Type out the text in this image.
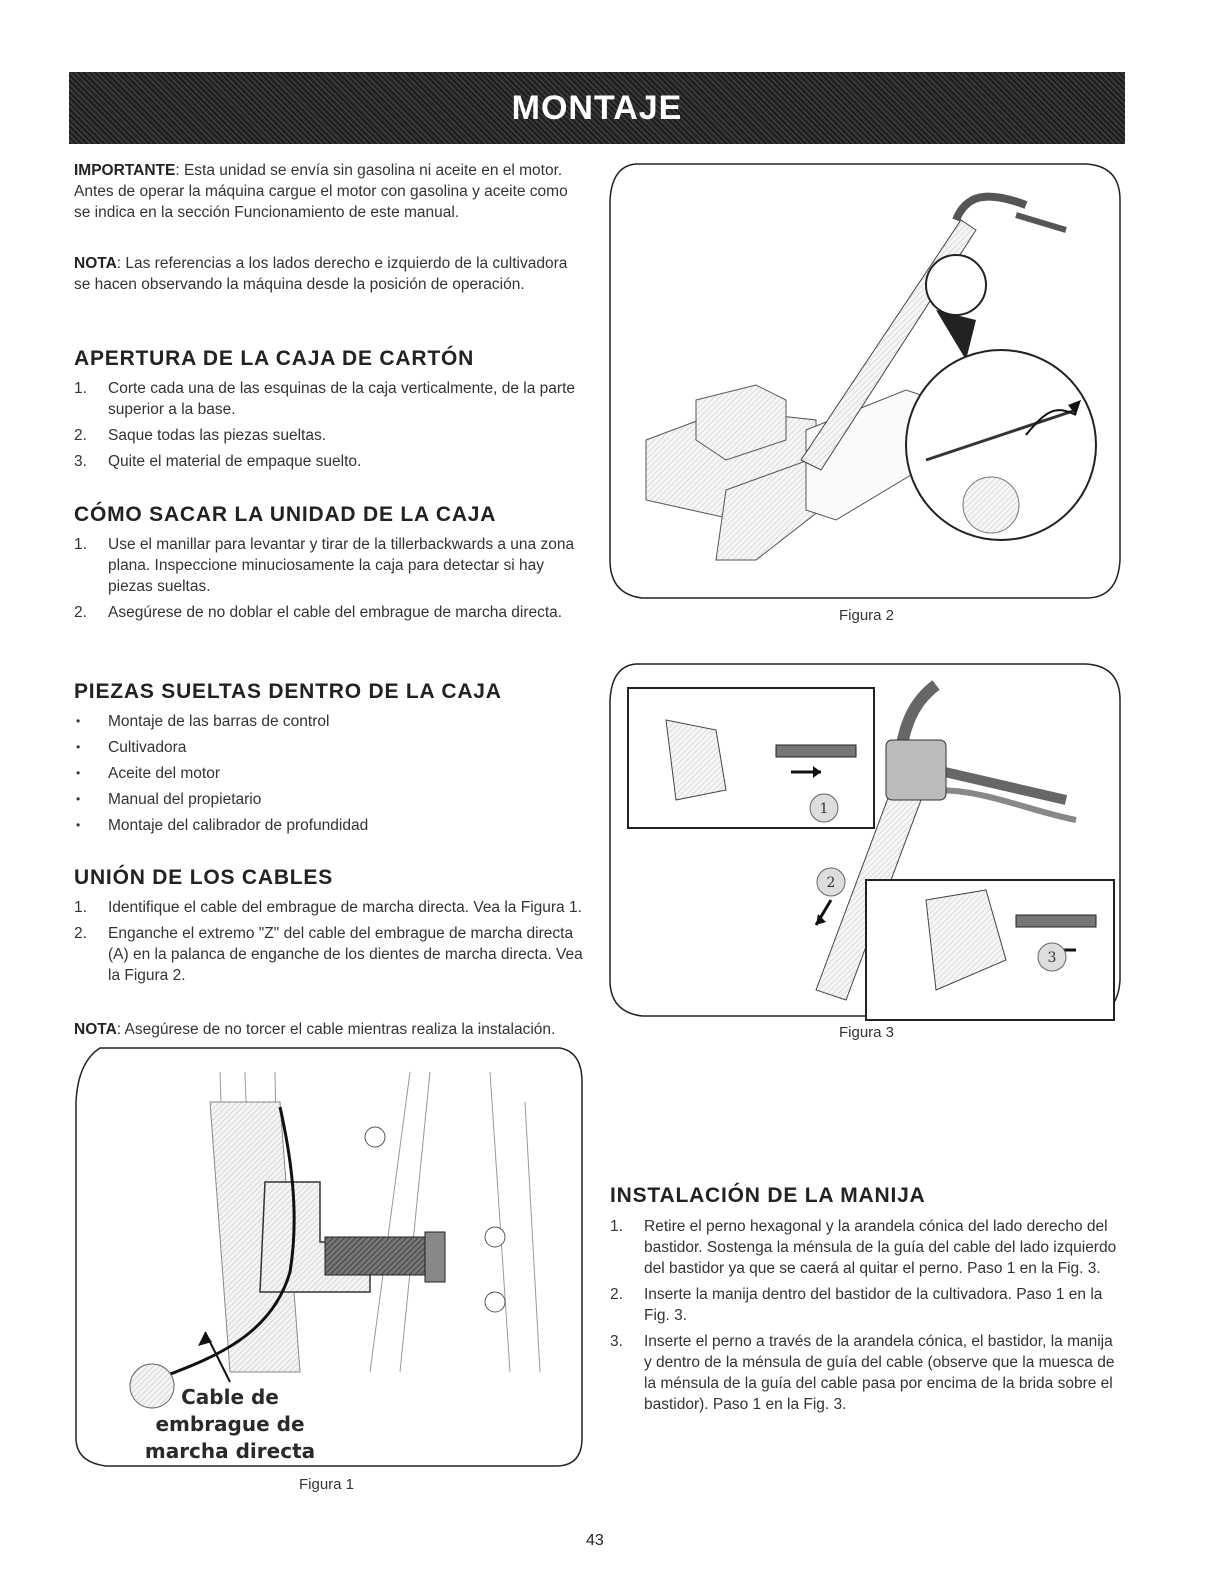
MONTAJE

IMPORTANTE: Esta unidad se envía sin gasolina ni aceite en el motor. Antes de operar la máquina cargue el motor con gasolina y aceite como se indica en la sección Funcionamiento de este manual.

NOTA: Las referencias a los lados derecho e izquierdo de la cultivadora se hacen observando la máquina desde la posición de operación.

APERTURA DE LA CAJA DE CARTÓN
1. Corte cada una de las esquinas de la caja verticalmente, de la parte superior a la base.
2. Saque todas las piezas sueltas.
3. Quite el material de empaque suelto.
CÓMO SACAR LA UNIDAD DE LA CAJA
1. Use el manillar para levantar y tirar de la tillerbackwards a una zona plana. Inspeccione minuciosamente la caja para detectar si hay piezas sueltas.
2. Asegúrese de no doblar el cable del embrague de marcha directa.
PIEZAS SUELTAS DENTRO DE LA CAJA
• Montaje de las barras de control
• Cultivadora
• Aceite del motor
• Manual del propietario
• Montaje del calibrador de profundidad
UNIÓN DE LOS CABLES
1. Identifique el cable del embrague de marcha directa. Vea la Figura 1.
2. Enganche el extremo "Z" del cable del embrague de marcha directa (A) en la palanca de enganche de los dientes de marcha directa. Vea la Figura 2.

NOTA: Asegúrese de no torcer el cable mientras realiza la instalación.

Cable de
embrague de
marcha directa
Figura 1
Figura 2
1
2
3
Figura 3
INSTALACIÓN DE LA MANIJA
1. Retire el perno hexagonal y la arandela cónica del lado derecho del bastidor. Sostenga la ménsula de la guía del cable del lado izquierdo del bastidor ya que se caerá al quitar el perno. Paso 1 en la Fig. 3.
2. Inserte la manija dentro del bastidor de la cultivadora. Paso 1 en la Fig. 3.
3. Inserte el perno a través de la arandela cónica, el bastidor, la manija y dentro de la ménsula de guía del cable (observe que la muesca de la ménsula de la guía del cable pasa por encima de la brida sobre el bastidor). Paso 1 en la Fig. 3.
43
